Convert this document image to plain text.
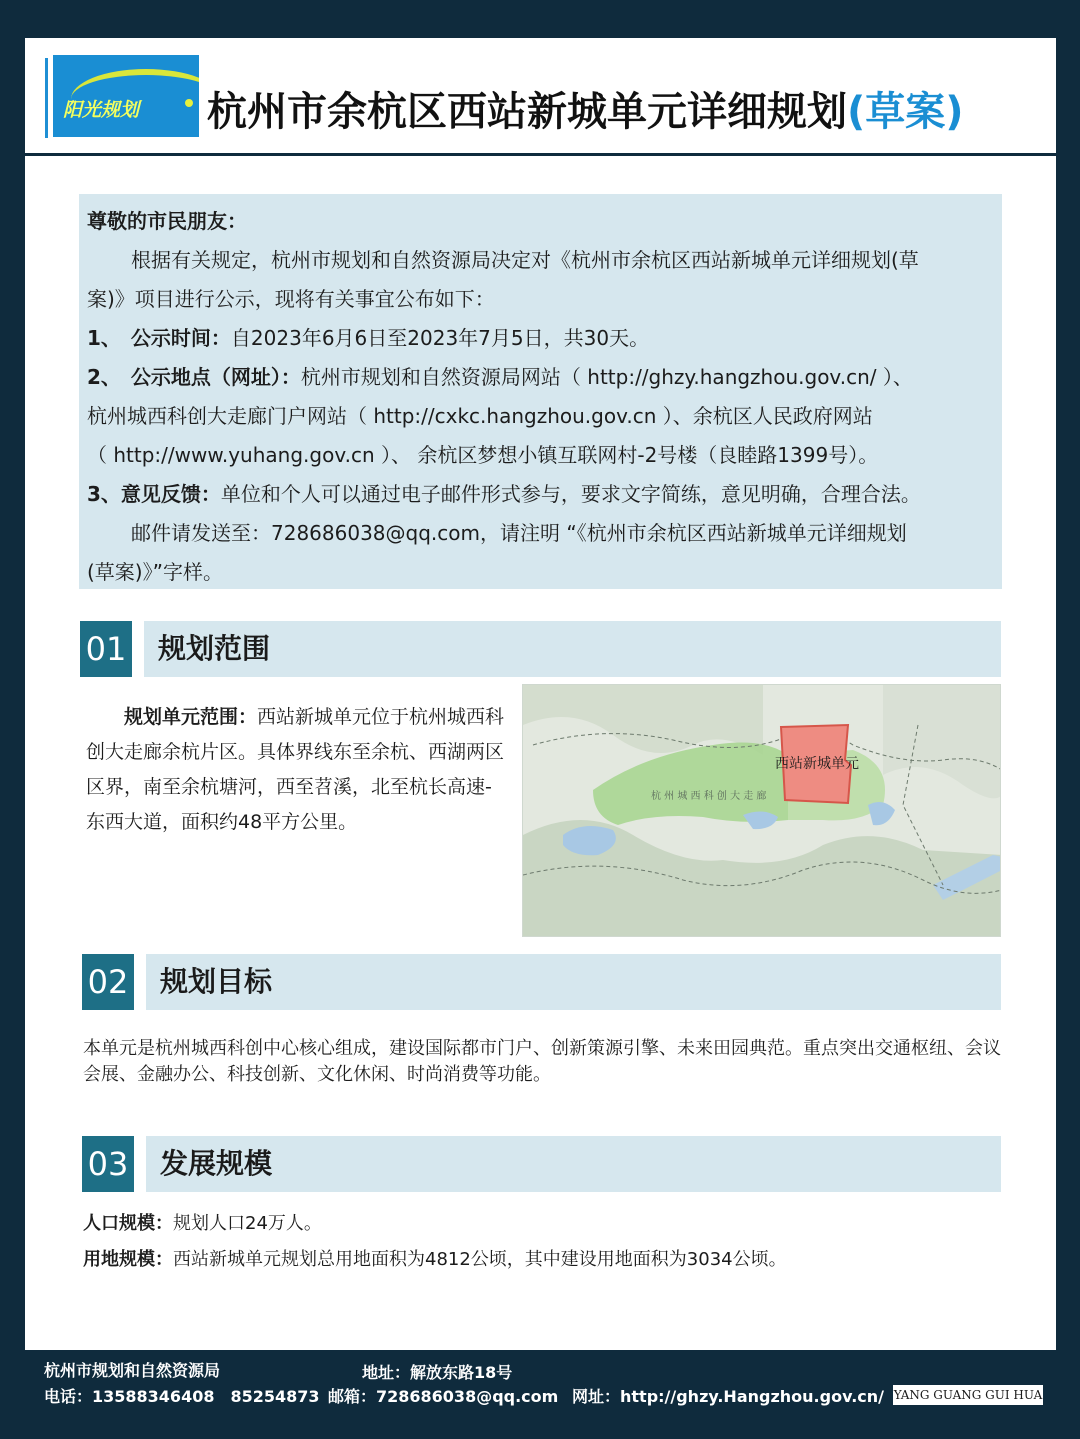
阳光规划 杭州市余杭区西站新城单元详细规划(草案)

尊敬的市民朋友：

根据有关规定，杭州市规划和自然资源局决定对《杭州市余杭区西站新城单元详细规划(草

案)》项目进行公示，现将有关事宜公布如下：

1、　公示时间：自2023年6月6日至2023年7月5日，共30天。

2、　公示地点（网址）：杭州市规划和自然资源局网站（ http://ghzy.hangzhou.gov.cn/ ）、

杭州城西科创大走廊门户网站（ http://cxkc.hangzhou.gov.cn ）、余杭区人民政府网站

（ http://www.yuhang.gov.cn ）、 余杭区梦想小镇互联网村-2号楼（良睦路1399号）。

3、意见反馈：单位和个人可以通过电子邮件形式参与，要求文字简练，意见明确，合理合法。

邮件请发送至：728686038@qq.com，请注明 “《杭州市余杭区西站新城单元详细规划

(草案)》”字样。

01	规划范围
规划单元范围：西站新城单元位于杭州城西科创大走廊余杭片区。具体界线东至余杭、西湖两区区界，南至余杭塘河，西至苕溪，北至杭长高速-东西大道，面积约48平方公里。
西站新城单元
杭 州 城 西 科 创 大 走 廊
02	规划目标
本单元是杭州城西科创中心核心组成，建设国际都市门户、创新策源引擎、未来田园典范。重点突出交通枢纽、会议会展、金融办公、科技创新、文化休闲、时尚消费等功能。
03	发展规模

人口规模：规划人口24万人。

用地规模：西站新城单元规划总用地面积为4812公顷，其中建设用地面积为3034公顷。

杭州市规划和自然资源局	地址：解放东路18号
电话：13588346408　85254873 邮箱：728686038@qq.com 网址：http://ghzy.Hangzhou.gov.cn/ YANG GUANG GUI HUA
